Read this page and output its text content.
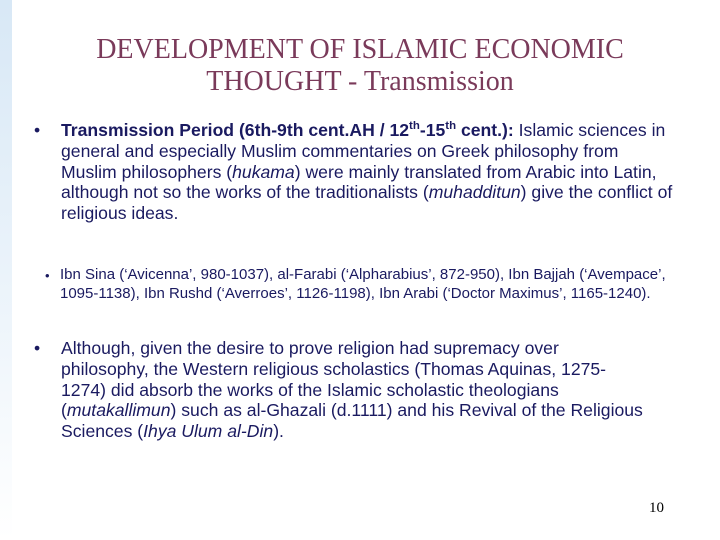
DEVELOPMENT OF ISLAMIC ECONOMIC
THOUGHT - Transmission
•	Transmission Period (6th-9th cent.AH / 12th-15th cent.): Islamic sciences in general and especially Muslim commentaries on Greek philosophy from Muslim philosophers (hukama) were mainly translated from Arabic into Latin, although not so the works of the traditionalists (muhadditun) give the conflict of religious ideas.
• Ibn Sina (‘Avicenna’, 980-1037), al-Farabi (‘Alpharabius’, 872-950), Ibn Bajjah (‘Avempace’, 1095-1138), Ibn Rushd (‘Averroes’, 1126-1198), Ibn Arabi (‘Doctor Maximus’, 1165-1240).
•	Although, given the desire to prove religion had supremacy over philosophy, the Western religious scholastics (Thomas Aquinas, 1275-1274) did absorb the works of the Islamic scholastic theologians (mutakallimun) such as al-Ghazali (d.1111) and his Revival of the Religious Sciences (Ihya Ulum al-Din).
10
